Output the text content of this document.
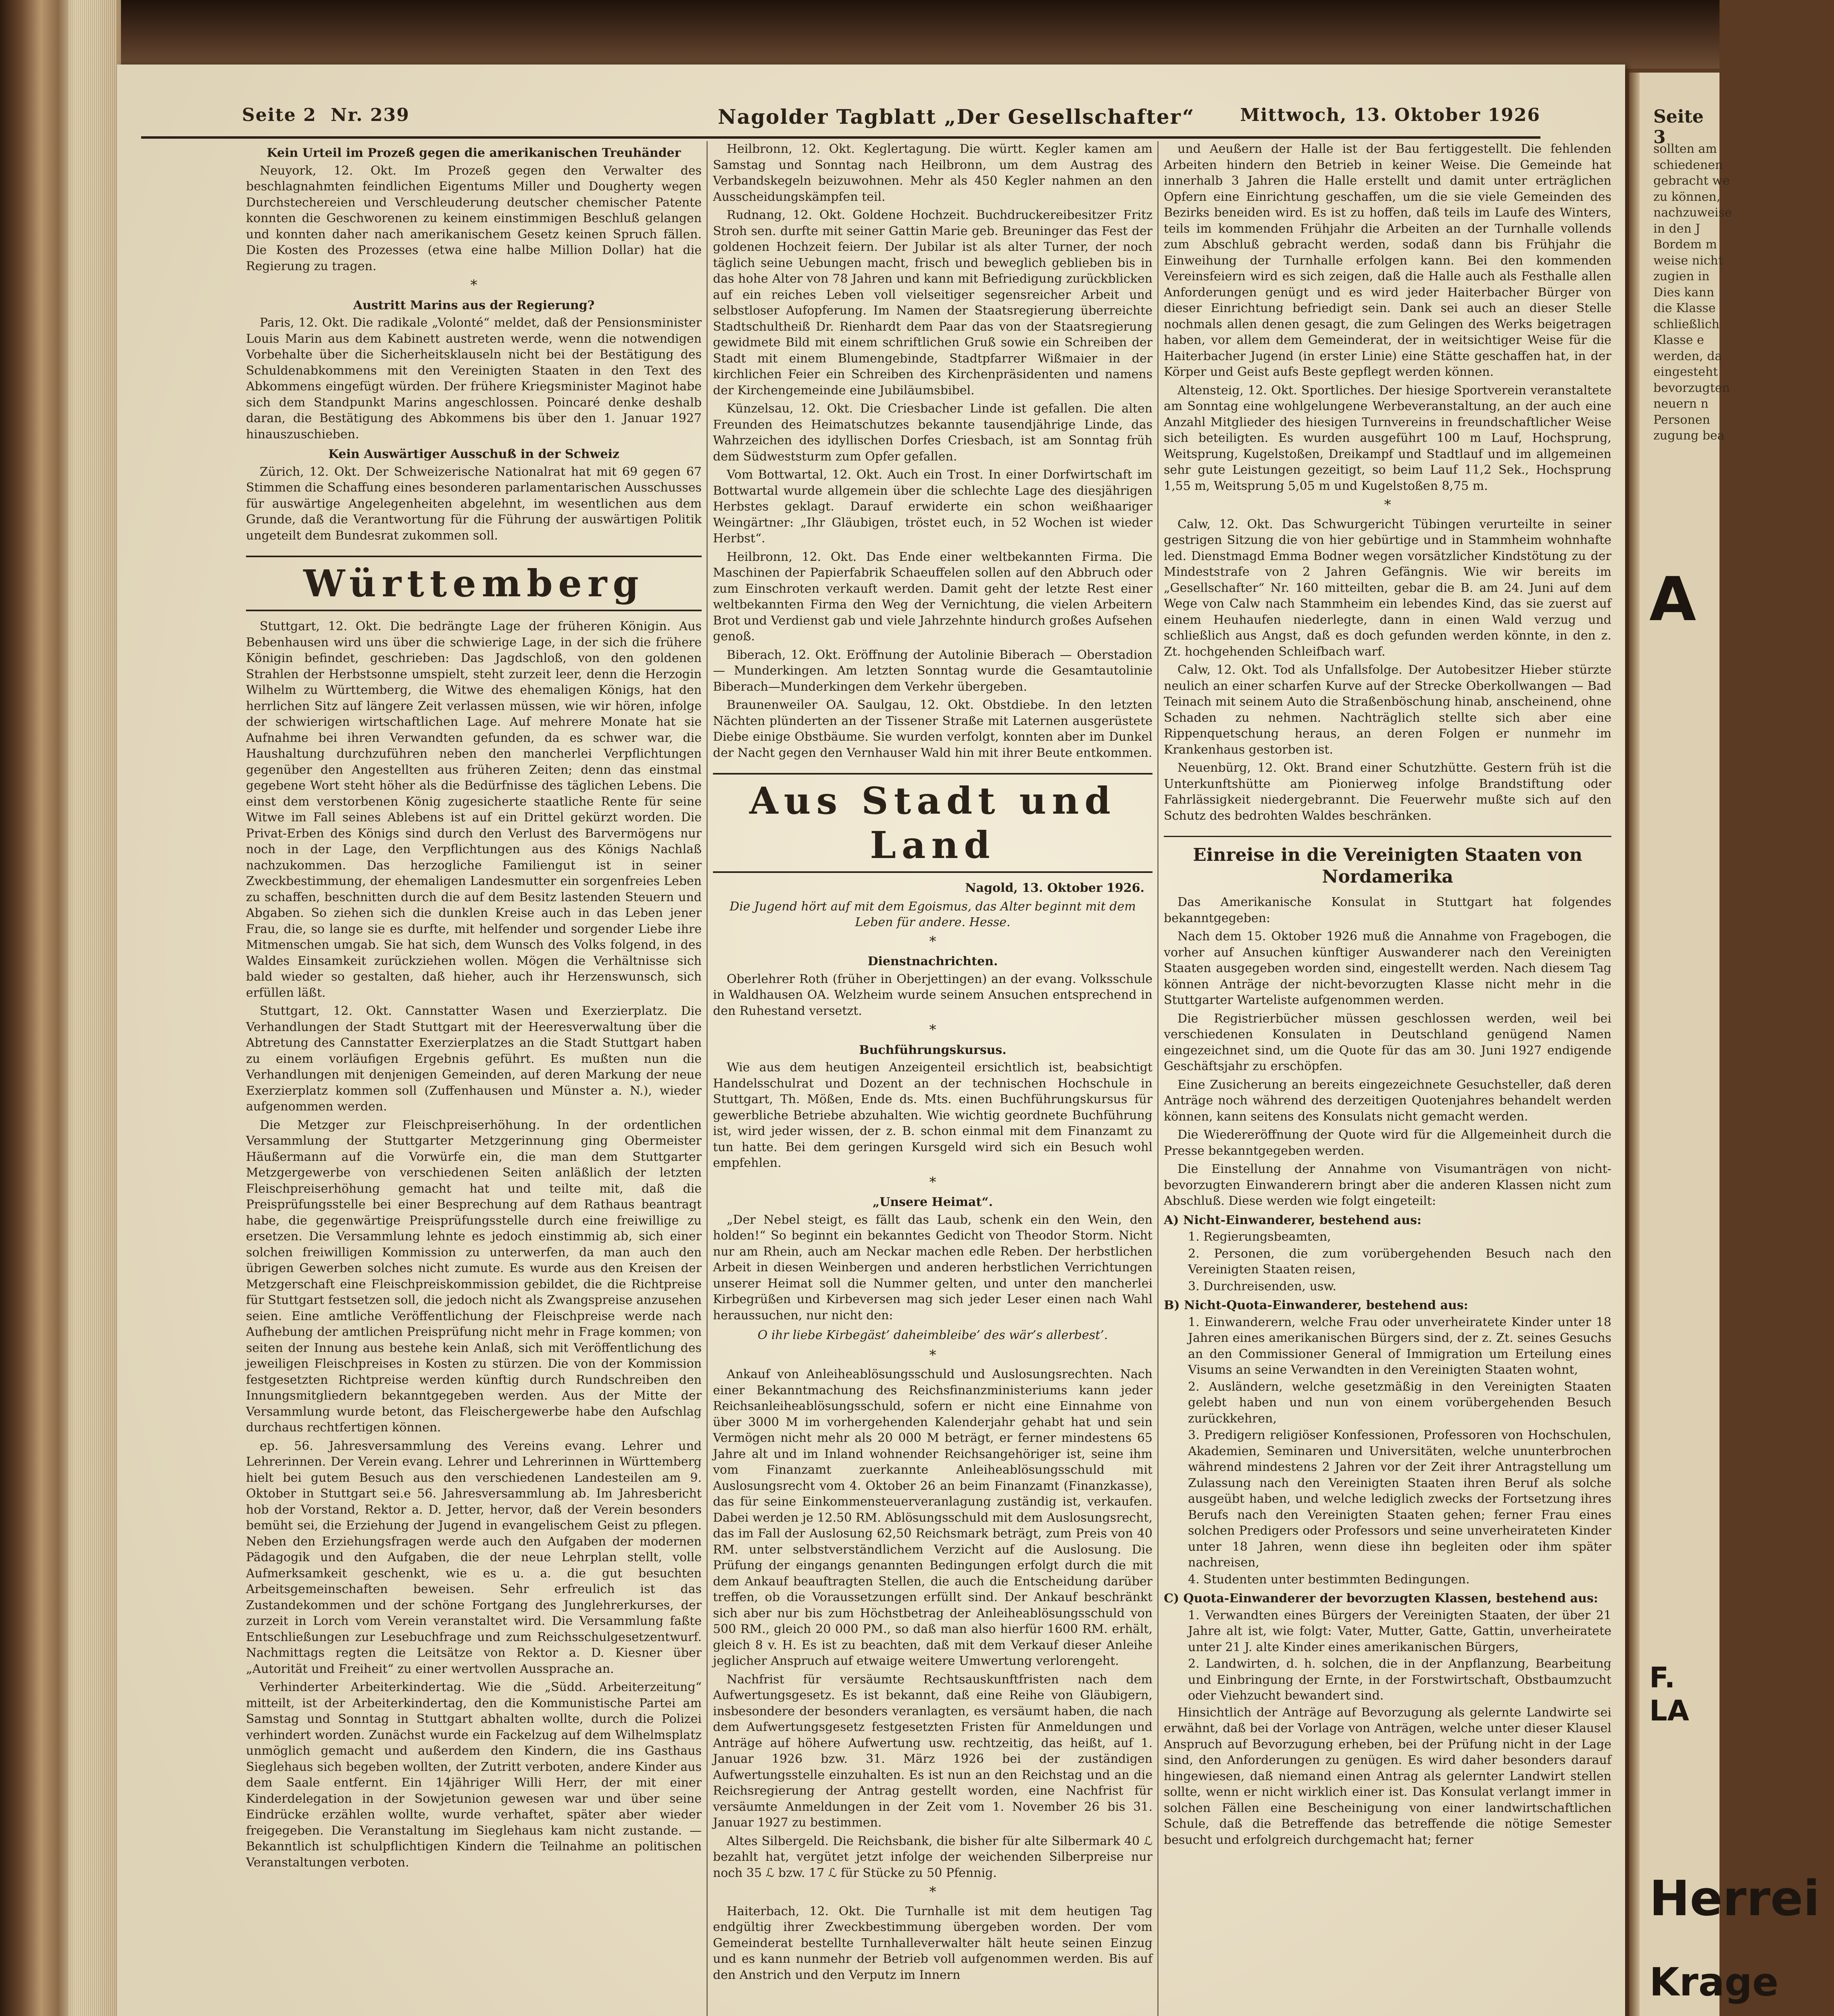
Seite 2 Nr. 239	Nagolder Tagblatt „Der Gesellschafter“	Mittwoch, 13. Oktober 1926
Kein Urteil im Prozeß gegen die amerikanischen Treuhänder

Neuyork, 12. Okt. Im Prozeß gegen den Verwalter des beschlagnahmten feindlichen Eigentums Miller und Dougherty wegen Durchstechereien und Verschleuderung deutscher chemischer Patente konnten die Geschworenen zu keinem einstimmigen Beschluß gelangen und konnten daher nach amerikanischem Gesetz keinen Spruch fällen. Die Kosten des Prozesses (etwa eine halbe Million Dollar) hat die Regierung zu tragen.

*
Austritt Marins aus der Regierung?

Paris, 12. Okt. Die radikale „Volonté“ meldet, daß der Pensionsminister Louis Marin aus dem Kabinett austreten werde, wenn die notwendigen Vorbehalte über die Sicherheitsklauseln nicht bei der Bestätigung des Schuldenabkommens mit den Vereinigten Staaten in den Text des Abkommens eingefügt würden. Der frühere Kriegsminister Maginot habe sich dem Standpunkt Marins angeschlossen. Poincaré denke deshalb daran, die Bestätigung des Abkommens bis über den 1. Januar 1927 hinauszuschieben.

Kein Auswärtiger Ausschuß in der Schweiz

Zürich, 12. Okt. Der Schweizerische Nationalrat hat mit 69 gegen 67 Stimmen die Schaffung eines besonderen parlamentarischen Ausschusses für auswärtige Angelegenheiten abgelehnt, im wesentlichen aus dem Grunde, daß die Verantwortung für die Führung der auswärtigen Politik ungeteilt dem Bundesrat zukommen soll.

Württemberg

Stuttgart, 12. Okt. Die bedrängte Lage der früheren Königin. Aus Bebenhausen wird uns über die schwierige Lage, in der sich die frühere Königin befindet, geschrieben: Das Jagdschloß, von den goldenen Strahlen der Herbstsonne umspielt, steht zurzeit leer, denn die Herzogin Wilhelm zu Württemberg, die Witwe des ehemaligen Königs, hat den herrlichen Sitz auf längere Zeit verlassen müssen, wie wir hören, infolge der schwierigen wirtschaftlichen Lage. Auf mehrere Monate hat sie Aufnahme bei ihren Verwandten gefunden, da es schwer war, die Haushaltung durchzuführen neben den mancherlei Verpflichtungen gegenüber den Angestellten aus früheren Zeiten; denn das einstmal gegebene Wort steht höher als die Bedürfnisse des täglichen Lebens. Die einst dem verstorbenen König zugesicherte staatliche Rente für seine Witwe im Fall seines Ablebens ist auf ein Drittel gekürzt worden. Die Privat-Erben des Königs sind durch den Verlust des Barvermögens nur noch in der Lage, den Verpflichtungen aus des Königs Nachlaß nachzukommen. Das herzogliche Familiengut ist in seiner Zweckbestimmung, der ehemaligen Landesmutter ein sorgenfreies Leben zu schaffen, beschnitten durch die auf dem Besitz lastenden Steuern und Abgaben. So ziehen sich die dunklen Kreise auch in das Leben jener Frau, die, so lange sie es durfte, mit helfender und sorgender Liebe ihre Mitmenschen umgab. Sie hat sich, dem Wunsch des Volks folgend, in des Waldes Einsamkeit zurückziehen wollen. Mögen die Verhältnisse sich bald wieder so gestalten, daß hieher, auch ihr Herzenswunsch, sich erfüllen läßt.

Stuttgart, 12. Okt. Cannstatter Wasen und Exerzierplatz. Die Verhandlungen der Stadt Stuttgart mit der Heeresverwaltung über die Abtretung des Cannstatter Exerzierplatzes an die Stadt Stuttgart haben zu einem vorläufigen Ergebnis geführt. Es mußten nun die Verhandlungen mit denjenigen Gemeinden, auf deren Markung der neue Exerzierplatz kommen soll (Zuffenhausen und Münster a. N.), wieder aufgenommen werden.

Die Metzger zur Fleischpreiserhöhung. In der ordentlichen Versammlung der Stuttgarter Metzgerinnung ging Obermeister Häußermann auf die Vorwürfe ein, die man dem Stuttgarter Metzgergewerbe von verschiedenen Seiten anläßlich der letzten Fleischpreiserhöhung gemacht hat und teilte mit, daß die Preisprüfungsstelle bei einer Besprechung auf dem Rathaus beantragt habe, die gegenwärtige Preisprüfungsstelle durch eine freiwillige zu ersetzen. Die Versammlung lehnte es jedoch einstimmig ab, sich einer solchen freiwilligen Kommission zu unterwerfen, da man auch den übrigen Gewerben solches nicht zumute. Es wurde aus den Kreisen der Metzgerschaft eine Fleischpreiskommission gebildet, die die Richtpreise für Stuttgart festsetzen soll, die jedoch nicht als Zwangspreise anzusehen seien. Eine amtliche Veröffentlichung der Fleischpreise werde nach Aufhebung der amtlichen Preisprüfung nicht mehr in Frage kommen; von seiten der Innung aus bestehe kein Anlaß, sich mit Veröffentlichung des jeweiligen Fleischpreises in Kosten zu stürzen. Die von der Kommission festgesetzten Richtpreise werden künftig durch Rundschreiben den Innungsmitgliedern bekanntgegeben werden. Aus der Mitte der Versammlung wurde betont, das Fleischergewerbe habe den Aufschlag durchaus rechtfertigen können.

ep. 56. Jahresversammlung des Vereins evang. Lehrer und Lehrerinnen. Der Verein evang. Lehrer und Lehrerinnen in Württemberg hielt bei gutem Besuch aus den verschiedenen Landesteilen am 9. Oktober in Stuttgart sei.e 56. Jahresversammlung ab. Im Jahresbericht hob der Vorstand, Rektor a. D. Jetter, hervor, daß der Verein besonders bemüht sei, die Erziehung der Jugend in evangelischem Geist zu pflegen. Neben den Erziehungsfragen werde auch den Aufgaben der modernen Pädagogik und den Aufgaben, die der neue Lehrplan stellt, volle Aufmerksamkeit geschenkt, wie es u. a. die gut besuchten Arbeitsgemeinschaften beweisen. Sehr erfreulich ist das Zustandekommen und der schöne Fortgang des Junglehrerkurses, der zurzeit in Lorch vom Verein veranstaltet wird. Die Versammlung faßte Entschließungen zur Lesebuchfrage und zum Reichsschulgesetzentwurf. Nachmittags regten die Leitsätze von Rektor a. D. Kiesner über „Autorität und Freiheit“ zu einer wertvollen Aussprache an.

Verhinderter Arbeiterkindertag. Wie die „Südd. Arbeiterzeitung“ mitteilt, ist der Arbeiterkindertag, den die Kommunistische Partei am Samstag und Sonntag in Stuttgart abhalten wollte, durch die Polizei verhindert worden. Zunächst wurde ein Fackelzug auf dem Wilhelmsplatz unmöglich gemacht und außerdem den Kindern, die ins Gasthaus Sieglehaus sich begeben wollten, der Zutritt verboten, andere Kinder aus dem Saale entfernt. Ein 14jähriger Willi Herr, der mit einer Kinderdelegation in der Sowjetunion gewesen war und über seine Eindrücke erzählen wollte, wurde verhaftet, später aber wieder freigegeben. Die Veranstaltung im Sieglehaus kam nicht zustande. — Bekanntlich ist schulpflichtigen Kindern die Teilnahme an politischen Veranstaltungen verboten.

Heilbronn, 12. Okt. Keglertagung. Die württ. Kegler kamen am Samstag und Sonntag nach Heilbronn, um dem Austrag des Verbandskegeln beizuwohnen. Mehr als 450 Kegler nahmen an den Ausscheidungskämpfen teil.

Rudnang, 12. Okt. Goldene Hochzeit. Buchdruckereibesitzer Fritz Stroh sen. durfte mit seiner Gattin Marie geb. Breuninger das Fest der goldenen Hochzeit feiern. Der Jubilar ist als alter Turner, der noch täglich seine Uebungen macht, frisch und beweglich geblieben bis in das hohe Alter von 78 Jahren und kann mit Befriedigung zurückblicken auf ein reiches Leben voll vielseitiger segensreicher Arbeit und selbstloser Aufopferung. Im Namen der Staatsregierung überreichte Stadtschultheiß Dr. Rienhardt dem Paar das von der Staatsregierung gewidmete Bild mit einem schriftlichen Gruß sowie ein Schreiben der Stadt mit einem Blumengebinde, Stadtpfarrer Wißmaier in der kirchlichen Feier ein Schreiben des Kirchenpräsidenten und namens der Kirchengemeinde eine Jubiläumsbibel.

Künzelsau, 12. Okt. Die Criesbacher Linde ist gefallen. Die alten Freunden des Heimatschutzes bekannte tausendjährige Linde, das Wahrzeichen des idyllischen Dorfes Criesbach, ist am Sonntag früh dem Südweststurm zum Opfer gefallen.

Vom Bottwartal, 12. Okt. Auch ein Trost. In einer Dorfwirtschaft im Bottwartal wurde allgemein über die schlechte Lage des diesjährigen Herbstes geklagt. Darauf erwiderte ein schon weißhaariger Weingärtner: „Ihr Gläubigen, tröstet euch, in 52 Wochen ist wieder Herbst“.

Heilbronn, 12. Okt. Das Ende einer weltbekannten Firma. Die Maschinen der Papierfabrik Schaeuffelen sollen auf den Abbruch oder zum Einschroten verkauft werden. Damit geht der letzte Rest einer weltbekannten Firma den Weg der Vernichtung, die vielen Arbeitern Brot und Verdienst gab und viele Jahrzehnte hindurch großes Aufsehen genoß.

Biberach, 12. Okt. Eröffnung der Autolinie Biberach — Oberstadion — Munderkingen. Am letzten Sonntag wurde die Gesamtautolinie Biberach—Munderkingen dem Verkehr übergeben.

Braunenweiler OA. Saulgau, 12. Okt. Obstdiebe. In den letzten Nächten plünderten an der Tissener Straße mit Laternen ausgerüstete Diebe einige Obstbäume. Sie wurden verfolgt, konnten aber im Dunkel der Nacht gegen den Vernhauser Wald hin mit ihrer Beute entkommen.

Aus Stadt und Land
Nagold, 13. Oktober 1926.
Die Jugend hört auf mit dem Egoismus, das Alter beginnt mit dem Leben für andere. Hesse.
*
Dienstnachrichten.

Oberlehrer Roth (früher in Oberjettingen) an der evang. Volksschule in Waldhausen OA. Welzheim wurde seinem Ansuchen entsprechend in den Ruhestand versetzt.

*
Buchführungskursus.

Wie aus dem heutigen Anzeigenteil ersichtlich ist, beabsichtigt Handelsschulrat und Dozent an der technischen Hochschule in Stuttgart, Th. Mößen, Ende ds. Mts. einen Buchführungskursus für gewerbliche Betriebe abzuhalten. Wie wichtig geordnete Buchführung ist, wird jeder wissen, der z. B. schon einmal mit dem Finanzamt zu tun hatte. Bei dem geringen Kursgeld wird sich ein Besuch wohl empfehlen.

*
„Unsere Heimat“.

„Der Nebel steigt, es fällt das Laub, schenk ein den Wein, den holden!“ So beginnt ein bekanntes Gedicht von Theodor Storm. Nicht nur am Rhein, auch am Neckar machen edle Reben. Der herbstlichen Arbeit in diesen Weinbergen und anderen herbstlichen Verrichtungen unserer Heimat soll die Nummer gelten, und unter den mancherlei Kirbegrüßen und Kirbeversen mag sich jeder Leser einen nach Wahl heraussuchen, nur nicht den:

O ihr liebe Kirbegäst’ daheimbleibe’ des wär’s allerbest’.
*

Ankauf von Anleiheablösungsschuld und Auslosungsrechten. Nach einer Bekanntmachung des Reichsfinanzministeriums kann jeder Reichsanleiheablösungsschuld, sofern er nicht eine Einnahme von über 3000 M im vorhergehenden Kalenderjahr gehabt hat und sein Vermögen nicht mehr als 20 000 M beträgt, er ferner mindestens 65 Jahre alt und im Inland wohnender Reichsangehöriger ist, seine ihm vom Finanzamt zuerkannte Anleiheablösungsschuld mit Auslosungsrecht vom 4. Oktober 26 an beim Finanzamt (Finanzkasse), das für seine Einkommensteuerveranlagung zuständig ist, verkaufen. Dabei werden je 12.50 RM. Ablösungsschuld mit dem Auslosungsrecht, das im Fall der Auslosung 62,50 Reichsmark beträgt, zum Preis von 40 RM. unter selbstverständlichem Verzicht auf die Auslosung. Die Prüfung der eingangs genannten Bedingungen erfolgt durch die mit dem Ankauf beauftragten Stellen, die auch die Entscheidung darüber treffen, ob die Voraussetzungen erfüllt sind. Der Ankauf beschränkt sich aber nur bis zum Höchstbetrag der Anleiheablösungsschuld von 500 RM., gleich 20 000 PM., so daß man also hierfür 1600 RM. erhält, gleich 8 v. H. Es ist zu beachten, daß mit dem Verkauf dieser Anleihe jeglicher Anspruch auf etwaige weitere Umwertung verlorengeht.

Nachfrist für versäumte Rechtsauskunftfristen nach dem Aufwertungsgesetz. Es ist bekannt, daß eine Reihe von Gläubigern, insbesondere der besonders veranlagten, es versäumt haben, die nach dem Aufwertungsgesetz festgesetzten Fristen für Anmeldungen und Anträge auf höhere Aufwertung usw. rechtzeitig, das heißt, auf 1. Januar 1926 bzw. 31. März 1926 bei der zuständigen Aufwertungsstelle einzuhalten. Es ist nun an den Reichstag und an die Reichsregierung der Antrag gestellt worden, eine Nachfrist für versäumte Anmeldungen in der Zeit vom 1. November 26 bis 31. Januar 1927 zu bestimmen.

Altes Silbergeld. Die Reichsbank, die bisher für alte Silbermark 40 ℒ bezahlt hat, vergütet jetzt infolge der weichenden Silberpreise nur noch 35 ℒ bzw. 17 ℒ für Stücke zu 50 Pfennig.

*

Haiterbach, 12. Okt. Die Turnhalle ist mit dem heutigen Tag endgültig ihrer Zweckbestimmung übergeben worden. Der vom Gemeinderat bestellte Turnhalleverwalter hält heute seinen Einzug und es kann nunmehr der Betrieb voll aufgenommen werden. Bis auf den Anstrich und den Verputz im Innern

und Aeußern der Halle ist der Bau fertiggestellt. Die fehlenden Arbeiten hindern den Betrieb in keiner Weise. Die Gemeinde hat innerhalb 3 Jahren die Halle erstellt und damit unter erträglichen Opfern eine Einrichtung geschaffen, um die sie viele Gemeinden des Bezirks beneiden wird. Es ist zu hoffen, daß teils im Laufe des Winters, teils im kommenden Frühjahr die Arbeiten an der Turnhalle vollends zum Abschluß gebracht werden, sodaß dann bis Frühjahr die Einweihung der Turnhalle erfolgen kann. Bei den kommenden Vereinsfeiern wird es sich zeigen, daß die Halle auch als Festhalle allen Anforderungen genügt und es wird jeder Haiterbacher Bürger von dieser Einrichtung befriedigt sein. Dank sei auch an dieser Stelle nochmals allen denen gesagt, die zum Gelingen des Werks beigetragen haben, vor allem dem Gemeinderat, der in weitsichtiger Weise für die Haiterbacher Jugend (in erster Linie) eine Stätte geschaffen hat, in der Körper und Geist aufs Beste gepflegt werden können.

Altensteig, 12. Okt. Sportliches. Der hiesige Sportverein veranstaltete am Sonntag eine wohlgelungene Werbeveranstaltung, an der auch eine Anzahl Mitglieder des hiesigen Turnvereins in freundschaftlicher Weise sich beteiligten. Es wurden ausgeführt 100 m Lauf, Hochsprung, Weitsprung, Kugelstoßen, Dreikampf und Stadtlauf und im allgemeinen sehr gute Leistungen gezeitigt, so beim Lauf 11,2 Sek., Hochsprung 1,55 m, Weitsprung 5,05 m und Kugelstoßen 8,75 m.

*

Calw, 12. Okt. Das Schwurgericht Tübingen verurteilte in seiner gestrigen Sitzung die von hier gebürtige und in Stammheim wohnhafte led. Dienstmagd Emma Bodner wegen vorsätzlicher Kindstötung zu der Mindeststrafe von 2 Jahren Gefängnis. Wie wir bereits im „Gesellschafter“ Nr. 160 mitteilten, gebar die B. am 24. Juni auf dem Wege von Calw nach Stammheim ein lebendes Kind, das sie zuerst auf einem Heuhaufen niederlegte, dann in einen Wald verzug und schließlich aus Angst, daß es doch gefunden werden könnte, in den z. Zt. hochgehenden Schleifbach warf.

Calw, 12. Okt. Tod als Unfallsfolge. Der Autobesitzer Hieber stürzte neulich an einer scharfen Kurve auf der Strecke Oberkollwangen — Bad Teinach mit seinem Auto die Straßenböschung hinab, anscheinend, ohne Schaden zu nehmen. Nachträglich stellte sich aber eine Rippenquetschung heraus, an deren Folgen er nunmehr im Krankenhaus gestorben ist.

Neuenbürg, 12. Okt. Brand einer Schutzhütte. Gestern früh ist die Unterkunftshütte am Pionierweg infolge Brandstiftung oder Fahrlässigkeit niedergebrannt. Die Feuerwehr mußte sich auf den Schutz des bedrohten Waldes beschränken.

Einreise in die Vereinigten Staaten von Nordamerika

Das Amerikanische Konsulat in Stuttgart hat folgendes bekanntgegeben:

Nach dem 15. Oktober 1926 muß die Annahme von Fragebogen, die vorher auf Ansuchen künftiger Auswanderer nach den Vereinigten Staaten ausgegeben worden sind, eingestellt werden. Nach diesem Tag können Anträge der nicht-bevorzugten Klasse nicht mehr in die Stuttgarter Warteliste aufgenommen werden.

Die Registrierbücher müssen geschlossen werden, weil bei verschiedenen Konsulaten in Deutschland genügend Namen eingezeichnet sind, um die Quote für das am 30. Juni 1927 endigende Geschäftsjahr zu erschöpfen.

Eine Zusicherung an bereits eingezeichnete Gesuchsteller, daß deren Anträge noch während des derzeitigen Quotenjahres behandelt werden können, kann seitens des Konsulats nicht gemacht werden.

Die Wiedereröffnung der Quote wird für die Allgemeinheit durch die Presse bekanntgegeben werden.

Die Einstellung der Annahme von Visumanträgen von nicht-bevorzugten Einwanderern bringt aber die anderen Klassen nicht zum Abschluß. Diese werden wie folgt eingeteilt:

A) Nicht-Einwanderer, bestehend aus:

1. Regierungsbeamten,

2. Personen, die zum vorübergehenden Besuch nach den Vereinigten Staaten reisen,

3. Durchreisenden, usw.

B) Nicht-Quota-Einwanderer, bestehend aus:

1. Einwanderern, welche Frau oder unverheiratete Kinder unter 18 Jahren eines amerikanischen Bürgers sind, der z. Zt. seines Gesuchs an den Commissioner General of Immigration um Erteilung eines Visums an seine Verwandten in den Vereinigten Staaten wohnt,

2. Ausländern, welche gesetzmäßig in den Vereinigten Staaten gelebt haben und nun von einem vorübergehenden Besuch zurückkehren,

3. Predigern religiöser Konfessionen, Professoren von Hochschulen, Akademien, Seminaren und Universitäten, welche ununterbrochen während mindestens 2 Jahren vor der Zeit ihrer Antragstellung um Zulassung nach den Vereinigten Staaten ihren Beruf als solche ausgeübt haben, und welche lediglich zwecks der Fortsetzung ihres Berufs nach den Vereinigten Staaten gehen; ferner Frau eines solchen Predigers oder Professors und seine unverheirateten Kinder unter 18 Jahren, wenn diese ihn begleiten oder ihm später nachreisen,

4. Studenten unter bestimmten Bedingungen.

C) Quota-Einwanderer der bevorzugten Klassen, bestehend aus:

1. Verwandten eines Bürgers der Vereinigten Staaten, der über 21 Jahre alt ist, wie folgt: Vater, Mutter, Gatte, Gattin, unverheiratete unter 21 J. alte Kinder eines amerikanischen Bürgers,

2. Landwirten, d. h. solchen, die in der Anpflanzung, Bearbeitung und Einbringung der Ernte, in der Forstwirtschaft, Obstbaumzucht oder Viehzucht bewandert sind.

Hinsichtlich der Anträge auf Bevorzugung als gelernte Landwirte sei erwähnt, daß bei der Vorlage von Anträgen, welche unter dieser Klausel Anspruch auf Bevorzugung erheben, bei der Prüfung nicht in der Lage sind, den Anforderungen zu genügen. Es wird daher besonders darauf hingewiesen, daß niemand einen Antrag als gelernter Landwirt stellen sollte, wenn er nicht wirklich einer ist. Das Konsulat verlangt immer in solchen Fällen eine Bescheinigung von einer landwirtschaftlichen Schule, daß die Betreffende das betreffende die nötige Semester besucht und erfolgreich durchgemacht hat; ferner

Seite 3
sollten am
schiedenen
gebracht we
zu können,
nachzuweise
in den J
Bordem m
weise nicht
zugien in
Dies kann
die Klasse
schließlich
Klasse e
werden, da
eingesteht
bevorzugten
neuern n
Personen
zugung bea
A
Herrei
Krage
F. LA
